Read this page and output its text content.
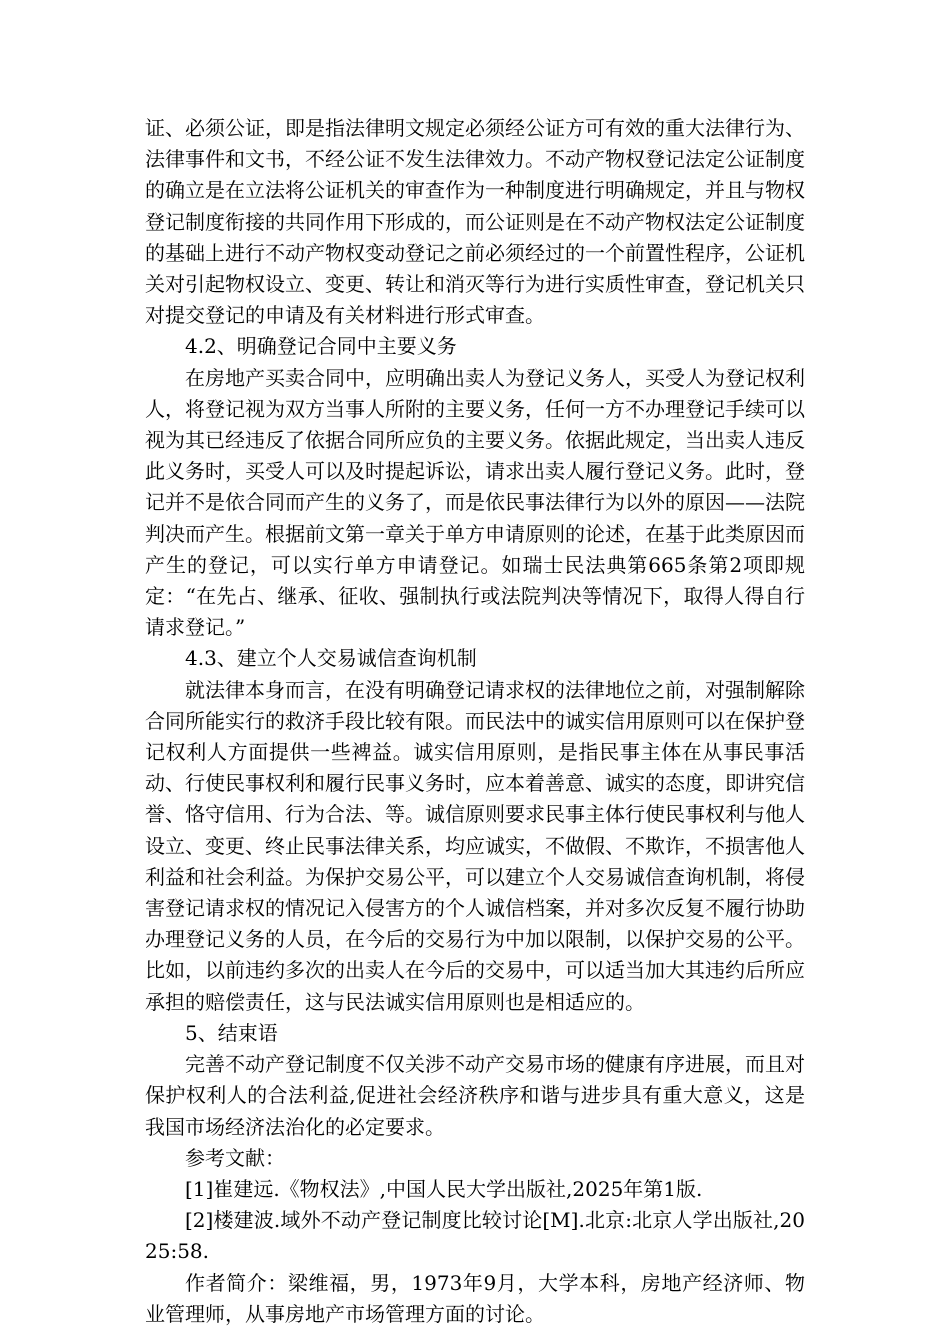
证、必须公证，即是指法律明文规定必须经公证方可有效的重大法律行为、法律事件和文书，不经公证不发生法律效力。不动产物权登记法定公证制度的确立是在立法将公证机关的审查作为一种制度进行明确规定，并且与物权登记制度衔接的共同作用下形成的，而公证则是在不动产物权法定公证制度的基础上进行不动产物权变动登记之前必须经过的一个前置性程序，公证机关对引起物权设立、变更、转让和消灭等行为进行实质性审查，登记机关只对提交登记的申请及有关材料进行形式审查。

4.2、明确登记合同中主要义务

在房地产买卖合同中，应明确出卖人为登记义务人，买受人为登记权利人，将登记视为双方当事人所附的主要义务，任何一方不办理登记手续可以视为其已经违反了依据合同所应负的主要义务。依据此规定，当出卖人违反此义务时，买受人可以及时提起诉讼，请求出卖人履行登记义务。此时，登记并不是依合同而产生的义务了，而是依民事法律行为以外的原因——法院判决而产生。根据前文第一章关于单方申请原则的论述，在基于此类原因而产生的登记，可以实行单方申请登记。如瑞士民法典第665条第2项即规定：“在先占、继承、征收、强制执行或法院判决等情况下，取得人得自行请求登记。”

4.3、建立个人交易诚信查询机制

就法律本身而言，在没有明确登记请求权的法律地位之前，对强制解除合同所能实行的救济手段比较有限。而民法中的诚实信用原则可以在保护登记权利人方面提供一些裨益。诚实信用原则，是指民事主体在从事民事活动、行使民事权利和履行民事义务时，应本着善意、诚实的态度，即讲究信誉、恪守信用、行为合法、等。诚信原则要求民事主体行使民事权利与他人设立、变更、终止民事法律关系，均应诚实，不做假、不欺诈，不损害他人利益和社会利益。为保护交易公平，可以建立个人交易诚信查询机制，将侵害登记请求权的情况记入侵害方的个人诚信档案，并对多次反复不履行协助办理登记义务的人员，在今后的交易行为中加以限制，以保护交易的公平。比如，以前违约多次的出卖人在今后的交易中，可以适当加大其违约后所应承担的赔偿责任，这与民法诚实信用原则也是相适应的。

5、结束语

完善不动产登记制度不仅关涉不动产交易市场的健康有序进展，而且对保护权利人的合法利益,促进社会经济秩序和谐与进步具有重大意义，这是我国市场经济法治化的必定要求。

参考文献：

[1]崔建远.《物权法》,中国人民大学出版社,2025年第1版.

[2]楼建波.域外不动产登记制度比较讨论[M].北京:北京人学出版社,2025:58.

作者简介：梁维福，男，1973年9月，大学本科，房地产经济师、物业管理师，从事房地产市场管理方面的讨论。
